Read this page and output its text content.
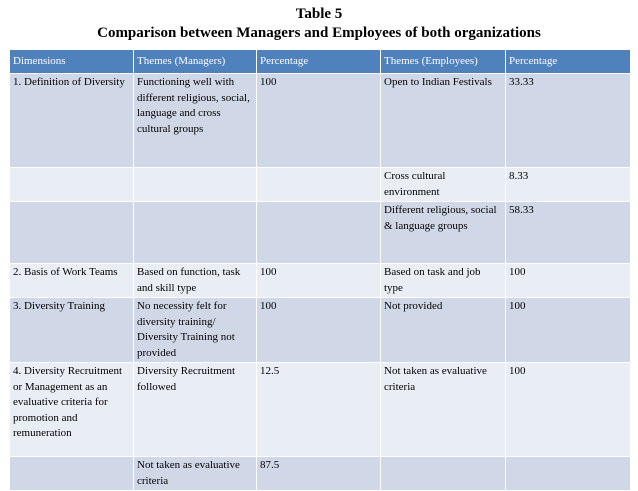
Table 5
Comparison between Managers and Employees of both organizations
Dimensions	Themes (Managers)	Percentage	Themes (Employees)	Percentage
1. Definition of Diversity	Functioning well with different religious, social, language and cross cultural groups	100	Open to Indian Festivals	33.33
			Cross cultural environment	8.33
			Different religious, social & language groups	58.33
2. Basis of Work Teams	Based on function, task and skill type	100	Based on task and job type	100
3. Diversity Training	No necessity felt for diversity training/ Diversity Training not provided	100	Not provided	100
4. Diversity Recruitment or Management as an evaluative criteria for promotion and remuneration	Diversity Recruitment followed	12.5	Not taken as evaluative criteria	100
	Not taken as evaluative criteria	87.5		
